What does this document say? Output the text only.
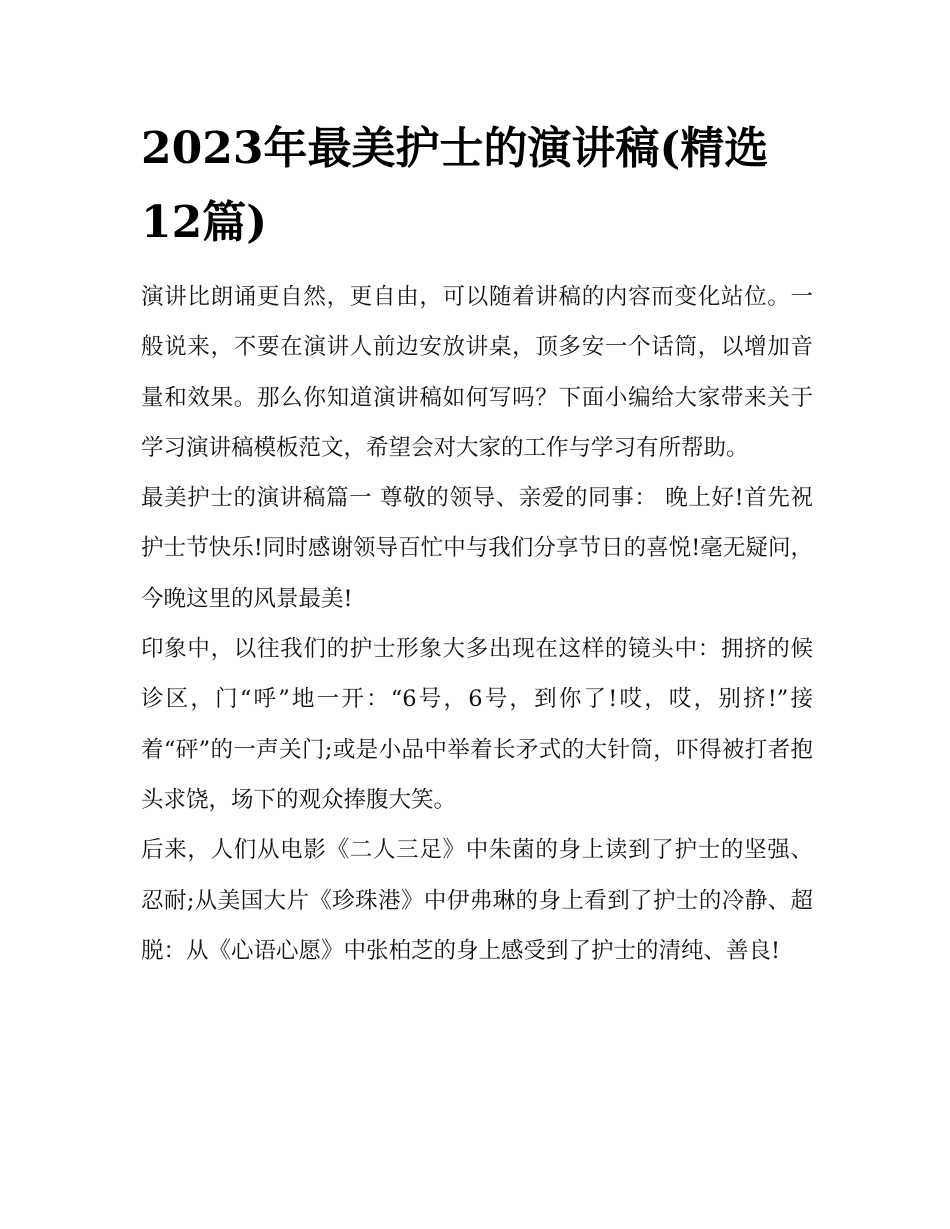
2023年最美护士的演讲稿(精选12篇)

演讲比朗诵更自然，更自由，可以随着讲稿的内容而变化站位。一般说来，不要在演讲人前边安放讲桌，顶多安一个话筒，以增加音量和效果。那么你知道演讲稿如何写吗？下面小编给大家带来关于学习演讲稿模板范文，希望会对大家的工作与学习有所帮助。

最美护士的演讲稿篇一 尊敬的领导、亲爱的同事： 晚上好!首先祝护士节快乐!同时感谢领导百忙中与我们分享节日的喜悦!毫无疑问，今晚这里的风景最美!

印象中，以往我们的护士形象大多出现在这样的镜头中：拥挤的候诊区，门“呼”地一开：“6号，6号，到你了!哎，哎，别挤!”接着“砰”的一声关门;或是小品中举着长矛式的大针筒，吓得被打者抱头求饶，场下的观众捧腹大笑。

后来，人们从电影《二人三足》中朱菌的身上读到了护士的坚强、忍耐;从美国大片《珍珠港》中伊弗琳的身上看到了护士的冷静、超脱：从《心语心愿》中张柏芝的身上感受到了护士的清纯、善良!
